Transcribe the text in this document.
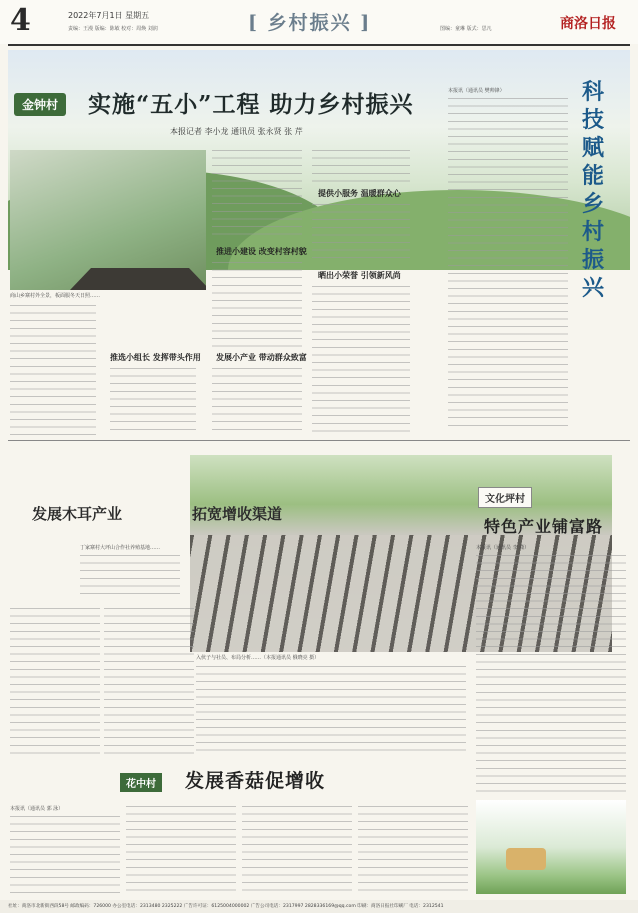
4	2022年7月1日 星期五
责编：王漫 版编：陈敏 校对：周焕 刘润	[ 乡村振兴 ]	图编：童琳 版式：思凡	商洛日报
金钟村	实施“五小”工程 助力乡村振兴
本报记者 李小龙 通讯员 张永贤 张 芹
商山乡寨村外全景，板面服冬天日照……
推选小组长 发挥带头作用
推进小建设 改变村容村貌
发展小产业 带动群众致富
提供小服务 温暖群众心
晒出小荣誉 引领新风尚
科
技
赋
能
乡
村
振
兴
本报讯（通讯员 樊帅锋）
发展木耳产业	拓宽增收渠道
丁家寨村大坪山合作社养殖基地……
入伙子与社员、布局分析……（本报通讯员 俄晓亮 摄）
文化坪村
特色产业铺富路
本报讯（通讯员 李 潇）
花中村	发展香菇促增收
本报讯（通讯员 郭 泳）
社址：商洛市北新街西段58号 邮政编码：726000 办公室电话：2313480 2325222 广告许可证：6125004000002 广告公司电话：2317997 2828336169@qq.com 印刷：商洛日报社印刷厂 电话：2312541
